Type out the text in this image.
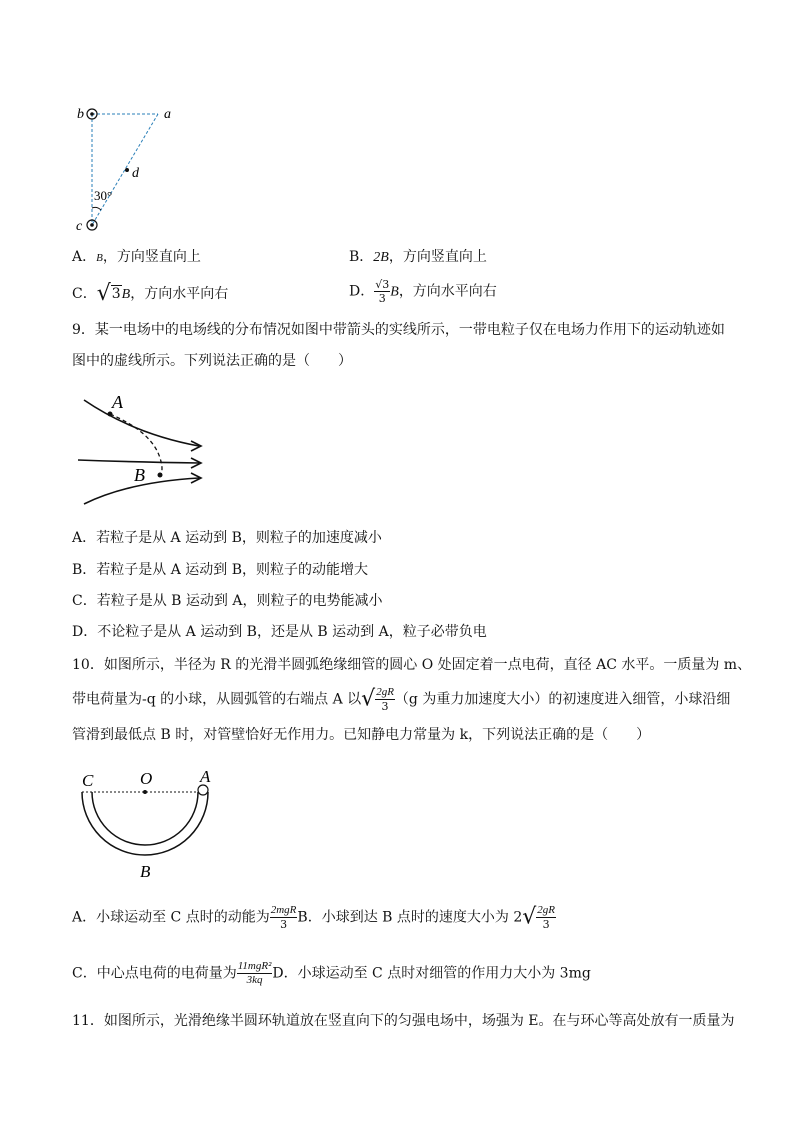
b	a
d
c
30°
A．B，方向竖直向上	B．2B，方向竖直向上
C．√3B，方向水平向右	D． $\frac{√3}{3}$ B，方向水平向右
9．某一电场中的电场线的分布情况如图中带箭头的实线所示，一带电粒子仅在电场力作用下的运动轨迹如
图中的虚线所示。下列说法正确的是（　　）
A
B
A．若粒子是从 A 运动到 B，则粒子的加速度减小
B．若粒子是从 A 运动到 B，则粒子的动能增大
C．若粒子是从 B 运动到 A，则粒子的电势能减小
D．不论粒子是从 A 运动到 B，还是从 B 运动到 A，粒子必带负电
10．如图所示，半径为 R 的光滑半圆弧绝缘细管的圆心 O 处固定着一点电荷，直径 AC 水平。一质量为 m、
带电荷量为-q 的小球，从圆弧管的右端点 A 以√ $\frac{2gR}{3} (g$ 为重力加速度大小）的初速度进入细管，小球沿细
管滑到最低点 B 时，对管壁恰好无作用力。已知静电力常量为 k，下列说法正确的是（　　）
C	O	A
B
A．小球运动至 C 点时的动能为 $\frac{\text{2mgR}}{3}$ B．小球到达 B 点时的速度大小为 $2√ \frac{2gR}{3}$
C．中心点电荷的电荷量为 $\frac{\text{11mgR²}}{3kq}$ D．小球运动至 C 点时对细管的作用力大小为 3mg
11．如图所示，光滑绝缘半圆环轨道放在竖直向下的匀强电场中，场强为 E。在与环心等高处放有一质量为
